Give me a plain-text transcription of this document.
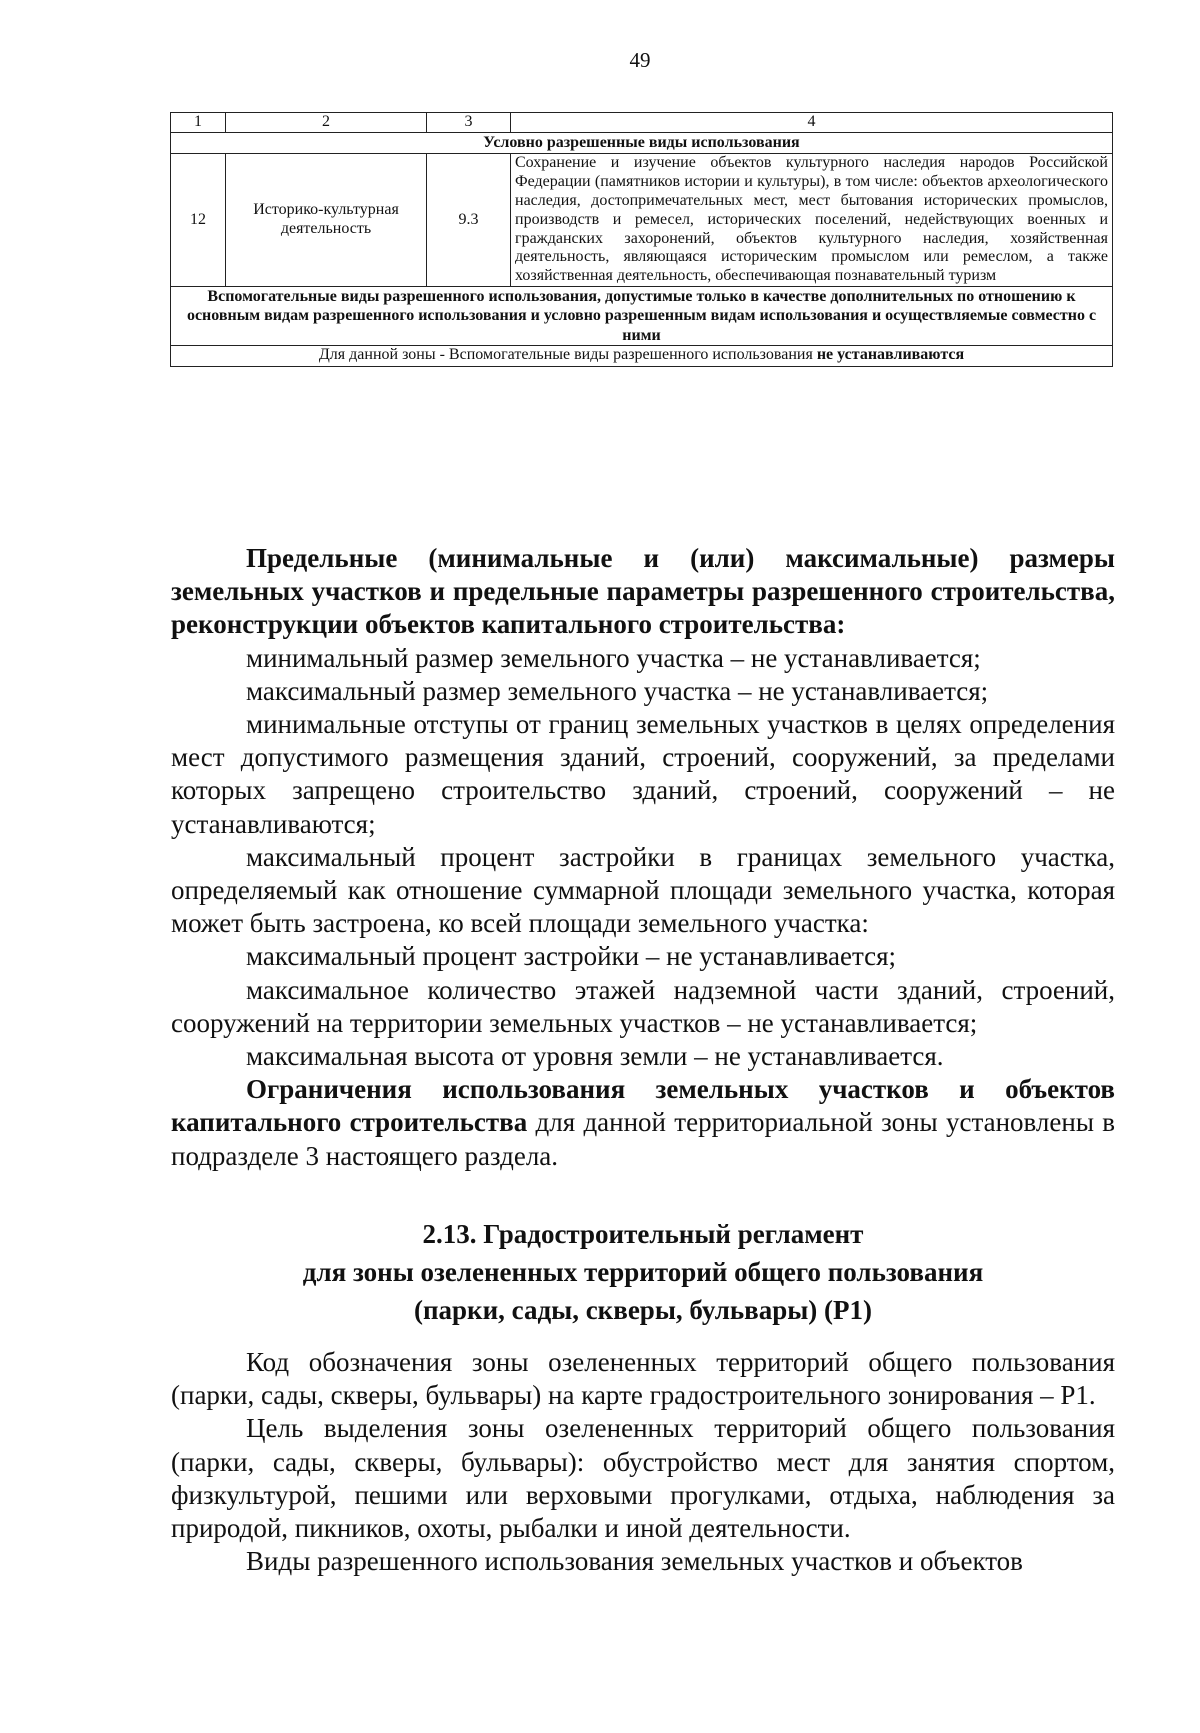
49
1	2	3	4
Условно разрешенные виды использования			
12	Историко-культурная деятельность	9.3	Сохранение и изучение объектов культурного наследия народов Российской Федерации (памятников истории и культуры), в том числе: объектов археологического наследия, достопримечательных мест, мест бытования исторических промыслов, производств и ремесел, исторических поселений, недействующих военных и гражданских захоронений, объектов культурного наследия, хозяйственная деятельность, являющаяся историческим промыслом или ремеслом, а также хозяйственная деятельность, обеспечивающая познавательный туризм
Вспомогательные виды разрешенного использования, допустимые только в качестве дополнительных по отношению к основным видам разрешенного использования и условно разрешенным видам использования и осуществляемые совместно с ними			
Для данной зоны - Вспомогательные виды разрешенного использования не устанавливаются			

Предельные (минимальные и (или) максимальные) размеры земельных участков и предельные параметры разрешенного строительства, реконструкции объектов капитального строительства:

минимальный размер земельного участка – не устанавливается;

максимальный размер земельного участка – не устанавливается;

минимальные отступы от границ земельных участков в целях определения мест допустимого размещения зданий, строений, сооружений, за пределами которых запрещено строительство зданий, строений, сооружений – не устанавливаются;

максимальный процент застройки в границах земельного участка, определяемый как отношение суммарной площади земельного участка, которая может быть застроена, ко всей площади земельного участка:

максимальный процент застройки – не устанавливается;

максимальное количество этажей надземной части зданий, строений, сооружений на территории земельных участков – не устанавливается;

максимальная высота от уровня земли – не устанавливается.

Ограничения использования земельных участков и объектов капитального строительства для данной территориальной зоны установлены в подразделе 3 настоящего раздела.

2.13. Градостроительный регламент
для зоны озелененных территорий общего пользования
(парки, сады, скверы, бульвары) (Р1)

Код обозначения зоны озелененных территорий общего пользования (парки, сады, скверы, бульвары) на карте градостроительного зонирования – Р1.

Цель выделения зоны озелененных территорий общего пользования (парки, сады, скверы, бульвары): обустройство мест для занятия спортом, физкультурой, пешими или верховыми прогулками, отдыха, наблюдения за природой, пикников, охоты, рыбалки и иной деятельности.

Виды разрешенного использования земельных участков и объектов
